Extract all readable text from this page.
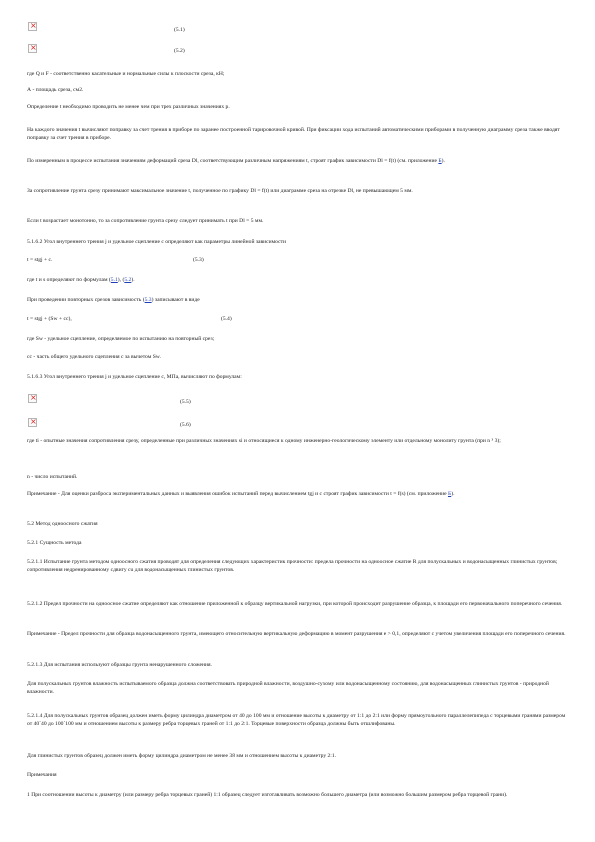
×
(5.1)
×
(5.2)

где Q и F - соответственно касательные и нормальные силы к плоскости среза, кН;

А - площадь среза, см2.

Определение t необходимо проводить не менее чем при трех различных значениях p.

На каждого значения t вычисляют поправку за счет трения в приборе по заранее построенной тарировочной кривой. При фиксации хода испытаний автоматическими приборами в полученную диаграмму среза также вводят поправку за счет трения в приборе.

По измеренным в процессе испытания значениям деформаций среза Dl, соответствующим различным напряжениям t, строят график зависимости Dl = f(t) (см. приложение Б).

За сопротивление грунта срезу принимают максимальное значение t, полученное по графику Dl = f(t) или диаграмме среза на отрезке Dl, не превышающем 5 мм.

Если t возрастает монотонно, то за сопротивление грунта срезу следует принимать t при Dl = 5 мм.

5.1.6.2 Угол внутреннего трения j и удельное сцепление с определяют как параметры линейной зависимости

t = stgj + c.	(5.3)

где t и s определяют по формулам (5.1), (5.2).

При проведении повторных срезов зависимость (5.3) записывают в виде

t = stgj + (Sw + cc),	(5.4)

где Sw - удельное сцепление, определяемое по испытанию на повторный срез;

cc - часть общего удельного сцепления с за вычетом Sw.

5.1.6.3 Угол внутреннего трения j и удельное сцепление с, МПа, вычисляют по формулам:

×
(5.5)
×
(5.6)

где ti - опытные значения сопротивления срезу, определенные при различных значениях si и относящиеся к одному инженерно-геологическому элементу или отдельному монолиту грунта (при n ³ 3);

n - число испытаний.

Примечание - Для оценки разброса экспериментальных данных и выявления ошибок испытаний перед вычислением tgj и с строят график зависимости t = f(s) (см. приложение Б).

5.2 Метод одноосного сжатия

5.2.1 Сущность метода

5.2.1.1 Испытание грунта методом одноосного сжатия проводят для определения следующих характеристик прочности: предела прочности на одноосное сжатие R для полускальных и водонасыщенных глинистых грунтов; сопротивления недренированному сдвигу cu для водонасыщенных глинистых грунтов.

5.2.1.2 Предел прочности на одноосное сжатие определяют как отношение приложенной к образцу вертикальной нагрузки, при которой происходит разрушение образца, к площади его первоначального поперечного сечения.

Примечание - Предел прочности для образца водонасыщенного грунта, имеющего относительную вертикальную деформацию в момент разрушения e > 0,1, определяют с учетом увеличения площади его поперечного сечения.

5.2.1.3 Для испытания используют образцы грунта ненарушенного сложения.

Для полускальных грунтов влажность испытываемого образца должна соответствовать природной влажности, воздушно-сухому или водонасыщенному состоянию, для водонасыщенных глинистых грунтов - природной влажности.

5.2.1.4 Для полускальных грунтов образец должен иметь форму цилиндра диаметром от 40 до 100 мм и отношение высоты к диаметру от 1:1 до 2:1 или форму прямоугольного параллелепипеда с торцевыми гранями размером от 40´40 до 100´100 мм и отношением высоты к размеру ребра торцевых граней от 1:1 до 2:1. Торцевые поверхности образца должны быть отшлифованы.

Для глинистых грунтов образец должен иметь форму цилиндра диаметром не менее 38 мм и отношением высоты к диаметру 2:1.

Примечания

1 При соотношении высоты к диаметру (или размеру ребра торцевых граней) 1:1 образец следует изготавливать возможно большего диаметра (или возможно большим размером ребра торцевой грани).
